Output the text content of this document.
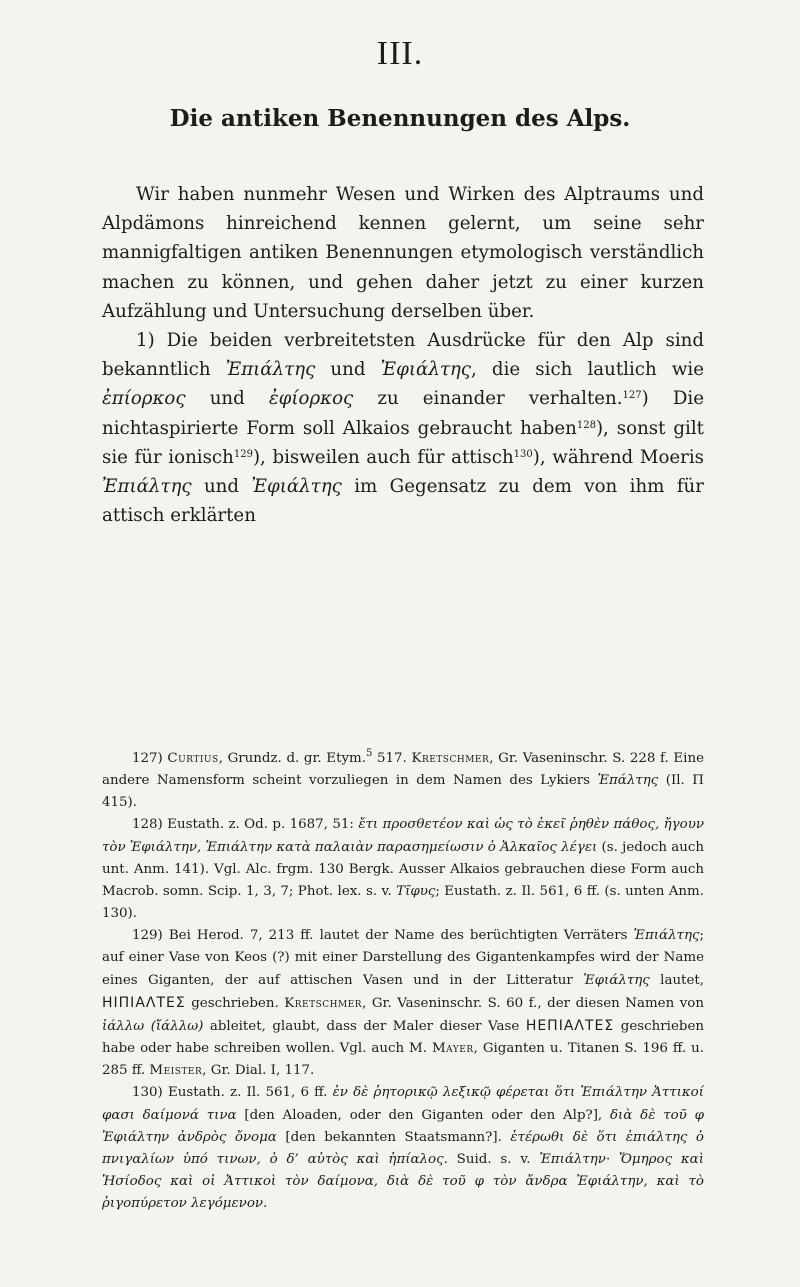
III.
Die antiken Benennungen des Alps.

Wir haben nunmehr Wesen und Wirken des Alptraums und Alpdämons hinreichend kennen gelernt, um seine sehr mannigfaltigen antiken Benennungen etymologisch verständlich machen zu können, und gehen daher jetzt zu einer kurzen Aufzählung und Untersuchung derselben über.

1) Die beiden verbreitetsten Ausdrücke für den Alp sind bekanntlich Ἐπιάλτης und Ἐφιάλτης, die sich lautlich wie ἐπίορκος und ἐφίορκος zu einander verhalten.$^{127}$) Die nichtaspirierte Form soll Alkaios gebraucht haben$^{128}$), sonst gilt sie für ionisch$^{129}$), bisweilen auch für attisch$^{130}$), während Moeris Ἐπιάλτης und Ἐφιάλτης im Gegensatz zu dem von ihm für attisch erklärten

127) Curtius, Grundz. d. gr. Etym.$^5$ 517. Kretschmer, Gr. Vaseninschr. S. 228 f. Eine andere Namensform scheint vorzuliegen in dem Namen des Lykiers Ἐπάλτης (Il. Π 415).

128) Eustath. z. Od. p. 1687, 51: ἔτι προσθετέον καὶ ὡς τὸ ἐκεῖ ῥηθὲν πάθος, ἤγουν τὸν Ἐφιάλτην, Ἐπιάλτην κατὰ παλαιὰν παρασημείωσιν ὁ Ἀλκαῖος λέγει (s. jedoch auch unt. Anm. 141). Vgl. Alc. frgm. 130 Bergk. Ausser Alkaios gebrauchen diese Form auch Macrob. somn. Scip. 1, 3, 7; Phot. lex. s. v. Τῖφυς; Eustath. z. Il. 561, 6 ff. (s. unten Anm. 130).

129) Bei Herod. 7, 213 ff. lautet der Name des berüchtigten Verräters Ἐπιάλτης; auf einer Vase von Keos (?) mit einer Darstellung des Gigantenkampfes wird der Name eines Giganten, der auf attischen Vasen und in der Litteratur Ἐφιάλτης lautet, HIΠIΑΛΤΕΣ geschrieben. Kretschmer, Gr. Vaseninschr. S. 60 f., der diesen Namen von ἰάλλω (ἴάλλω) ableitet, glaubt, dass der Maler dieser Vase HEΠIΑΛΤΕΣ geschrieben habe oder habe schreiben wollen. Vgl. auch M. Mayer, Giganten u. Titanen S. 196 ff. u. 285 ff. Meister, Gr. Dial. I, 117.

130) Eustath. z. Il. 561, 6 ff. ἐν δὲ ῥητορικῷ λεξικῷ φέρεται ὅτι Ἐπιάλτην Ἀττικοί φασι δαίμονά τινα [den Aloaden, oder den Giganten oder den Alp?], διὰ δὲ τοῦ φ Ἐφιάλτην ἀνδρὸς ὄνομα [den bekannten Staatsmann?]. ἑτέρωθι δὲ ὅτι ἐπιάλτης ὁ πνιγαλίων ὑπό τινων, ὁ δ’ αὐτὸς καὶ ἠπίαλος. Suid. s. v. Ἐπιάλτην· Ὅμηρος καὶ Ἡσίοδος καὶ οἱ Ἀττικοὶ τὸν δαίμονα, διὰ δὲ τοῦ φ τὸν ἄνδρα Ἐφιάλτην, καὶ τὸ ῥιγοπύρετον λεγόμενον.
